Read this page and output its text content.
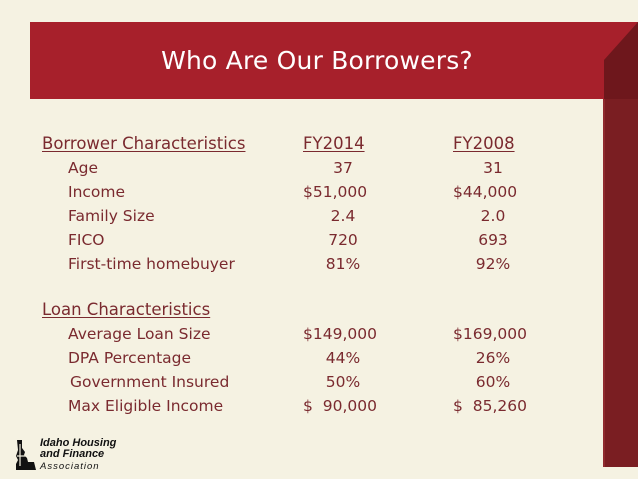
Who Are Our Borrowers?
Borrower Characteristics	FY2014	FY2008
Age	37	31
Income	$51,000	$44,000
Family Size	2.4	2.0
FICO	720	693
First-time homebuyer	81%	92%
Loan Characteristics
Average Loan Size	$149,000	$169,000
DPA Percentage	44%	26%
Government Insured	50%	60%
Max Eligible Income	$  90,000	$  85,260
Idaho Housing
and Finance
Association
